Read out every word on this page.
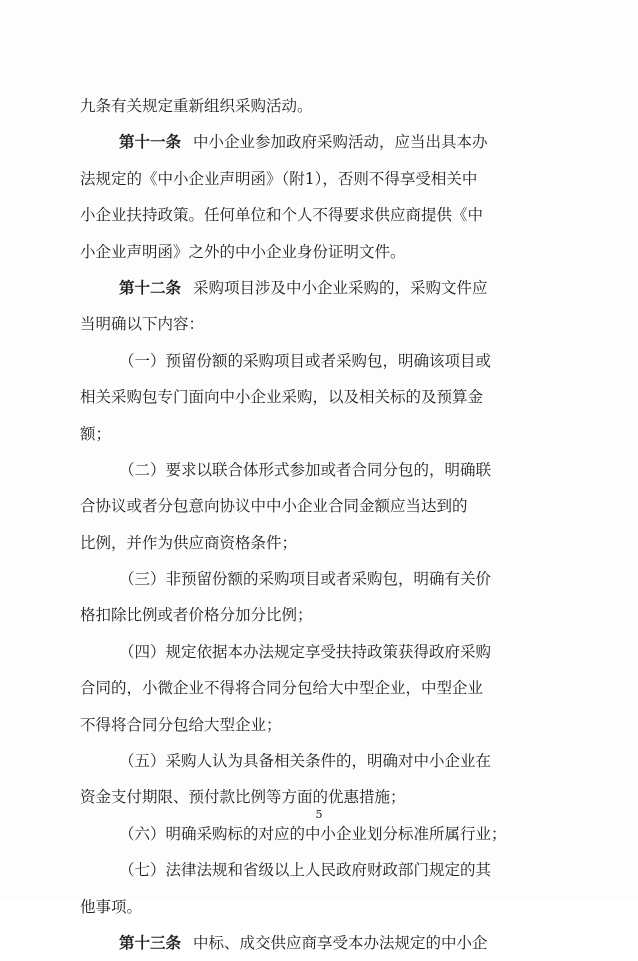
九条有关规定重新组织采购活动。
第十一条 中小企业参加政府采购活动，应当出具本办
法规定的《中小企业声明函》（附1），否则不得享受相关中
小企业扶持政策。任何单位和个人不得要求供应商提供《中
小企业声明函》之外的中小企业身份证明文件。
第十二条 采购项目涉及中小企业采购的，采购文件应
当明确以下内容：
（一）预留份额的采购项目或者采购包，明确该项目或
相关采购包专门面向中小企业采购，以及相关标的及预算金
额；
（二）要求以联合体形式参加或者合同分包的，明确联
合协议或者分包意向协议中中小企业合同金额应当达到的
比例，并作为供应商资格条件；
（三）非预留份额的采购项目或者采购包，明确有关价
格扣除比例或者价格分加分比例；
（四）规定依据本办法规定享受扶持政策获得政府采购
合同的，小微企业不得将合同分包给大中型企业，中型企业
不得将合同分包给大型企业；
（五）采购人认为具备相关条件的，明确对中小企业在
资金支付期限、预付款比例等方面的优惠措施；
（六）明确采购标的对应的中小企业划分标准所属行业；
（七）法律法规和省级以上人民政府财政部门规定的其
他事项。
第十三条 中标、成交供应商享受本办法规定的中小企
5
